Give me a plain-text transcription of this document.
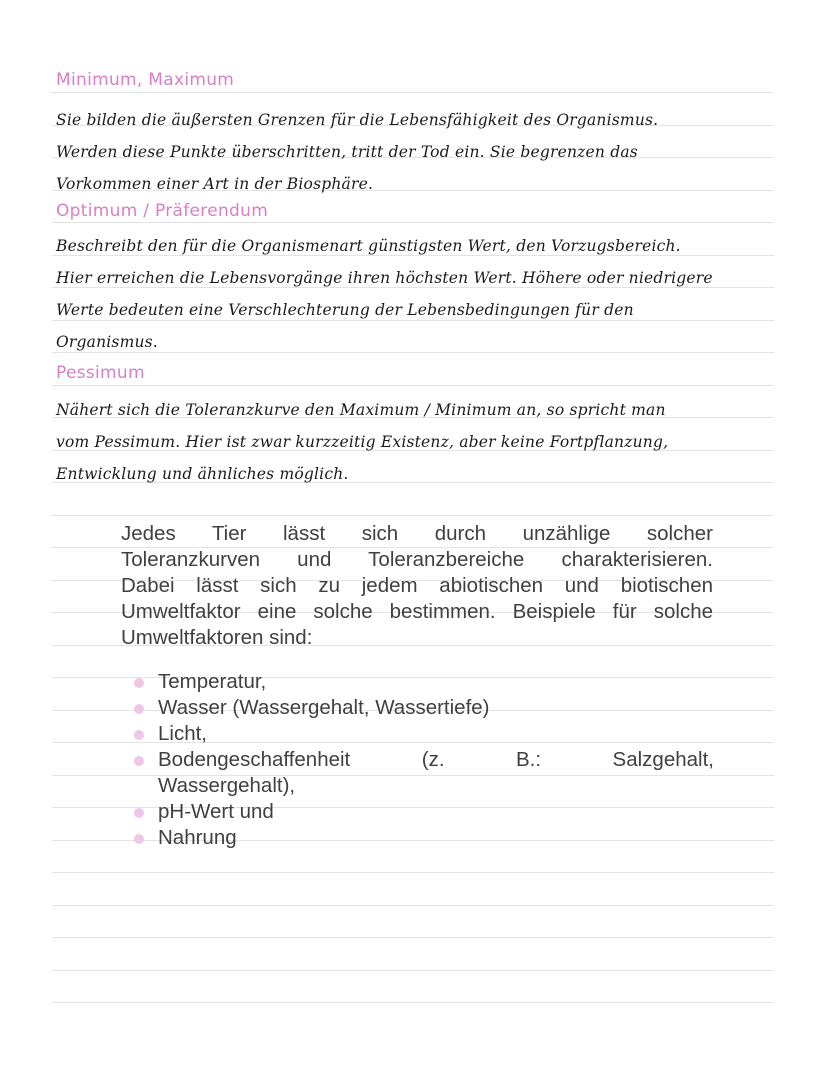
Minimum, Maximum
Sie bilden die äußersten Grenzen für die Lebensfähigkeit des Organismus.
Werden diese Punkte überschritten, tritt der Tod ein. Sie begrenzen das
Vorkommen einer Art in der Biosphäre.
Optimum / Präferendum
Beschreibt den für die Organismenart günstigsten Wert, den Vorzugsbereich.
Hier erreichen die Lebensvorgänge ihren höchsten Wert. Höhere oder niedrigere
Werte bedeuten eine Verschlechterung der Lebensbedingungen für den
Organismus.
Pessimum
Nähert sich die Toleranzkurve den Maximum / Minimum an, so spricht man
vom Pessimum. Hier ist zwar kurzzeitig Existenz, aber keine Fortpflanzung,
Entwicklung und ähnliches möglich.
Jedes Tier lässt sich durch unzählige solcher
Toleranzkurven und Toleranzbereiche charakterisieren.
Dabei lässt sich zu jedem abiotischen und biotischen
Umweltfaktor eine solche bestimmen. Beispiele für solche
Umweltfaktoren sind:
Temperatur,
Wasser (Wassergehalt, Wassertiefe)
Licht,
Bodengeschaffenheit (z. B.: Salzgehalt,
Wassergehalt),
pH-Wert und
Nahrung
